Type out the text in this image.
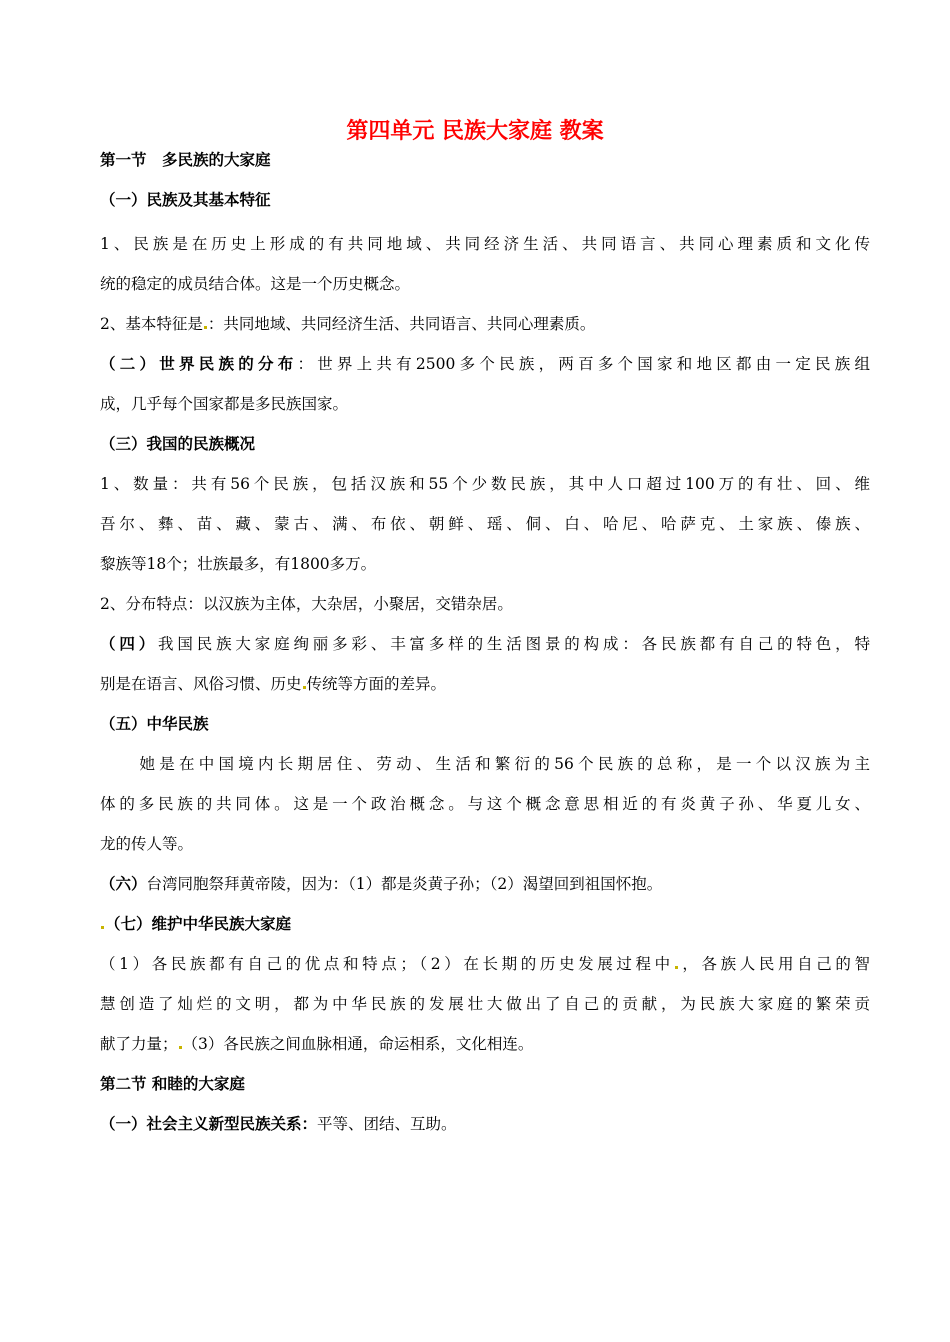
第四单元 民族大家庭 教案
第一节　多民族的大家庭
（一）民族及其基本特征
1、民族是在历史上形成的有共同地域、共同经济生活、共同语言、共同心理素质和文化传
统的稳定的成员结合体。这是一个历史概念。
2、基本特征是 ：共同地域、共同经济生活、共同语言、共同心理素质。
（二）世界民族的分布：世界上共有2500多个民族，两百多个国家和地区都由一定民族组
成，几乎每个国家都是多民族国家。
（三）我国的民族概况
1、数量：共有56个民族，包括汉族和55个少数民族，其中人口超过100万的有壮、回、维
吾尔、彝、苗、藏、蒙古、满、布依、朝鲜、瑶、侗、白、哈尼、哈萨克、土家族、傣族、
黎族等18个；壮族最多，有1800多万。
2、分布特点：以汉族为主体，大杂居，小聚居，交错杂居。
（四）我国民族大家庭绚丽多彩、丰富多样的生活图景的构成：各民族都有自己的特色，特
别是在语言、风俗习惯、历史 传统等方面的差异。
（五）中华民族
　　她是在中国境内长期居住、劳动、生活和繁衍的56个民族的总称，是一个以汉族为主
体的多民族的共同体。这是一个政治概念。与这个概念意思相近的有炎黄子孙、华夏儿女、
龙的传人等。
（六）台湾同胞祭拜黄帝陵，因为：（1）都是炎黄子孙；（2）渴望回到祖国怀抱。
（七）维护中华民族大家庭
（1）各民族都有自己的优点和特点；（2）在长期的历史发展过程中 ，各族人民用自己的智
慧创造了灿烂的文明，都为中华民族的发展壮大做出了自己的贡献，为民族大家庭的繁荣贡
献了力量； （3）各民族之间血脉相通，命运相系，文化相连。
第二节 和睦的大家庭
（一）社会主义新型民族关系：平等、团结、互助。
